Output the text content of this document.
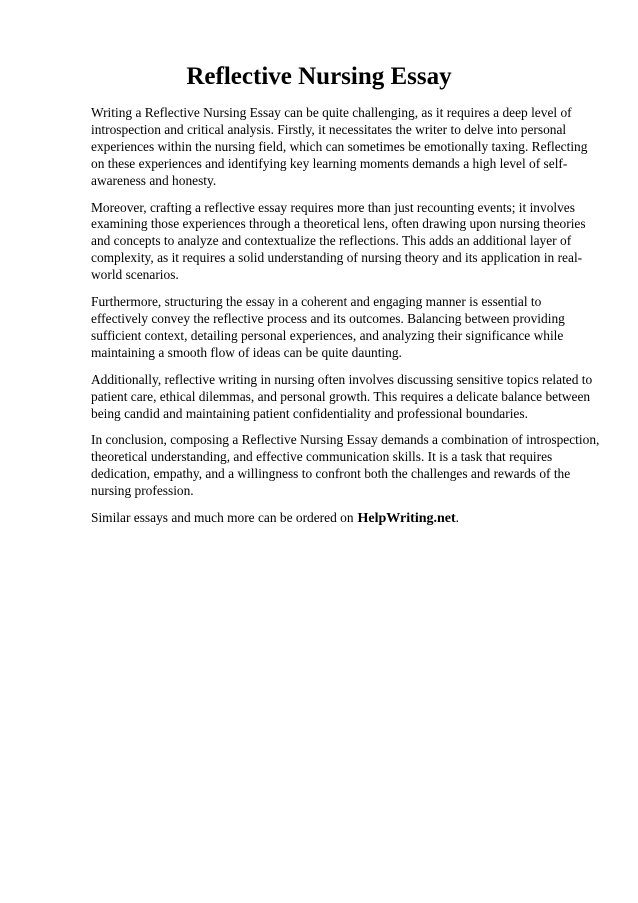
Reflective Nursing Essay

Writing a Reflective Nursing Essay can be quite challenging, as it requires a deep level of introspection and critical analysis. Firstly, it necessitates the writer to delve into personal experiences within the nursing field, which can sometimes be emotionally taxing. Reflecting on these experiences and identifying key learning moments demands a high level of self-awareness and honesty.

Moreover, crafting a reflective essay requires more than just recounting events; it involves examining those experiences through a theoretical lens, often drawing upon nursing theories and concepts to analyze and contextualize the reflections. This adds an additional layer of complexity, as it requires a solid understanding of nursing theory and its application in real-world scenarios.

Furthermore, structuring the essay in a coherent and engaging manner is essential to effectively convey the reflective process and its outcomes. Balancing between providing sufficient context, detailing personal experiences, and analyzing their significance while maintaining a smooth flow of ideas can be quite daunting.

Additionally, reflective writing in nursing often involves discussing sensitive topics related to patient care, ethical dilemmas, and personal growth. This requires a delicate balance between being candid and maintaining patient confidentiality and professional boundaries.

In conclusion, composing a Reflective Nursing Essay demands a combination of introspection, theoretical understanding, and effective communication skills. It is a task that requires dedication, empathy, and a willingness to confront both the challenges and rewards of the nursing profession.

Similar essays and much more can be ordered on HelpWriting.net.
